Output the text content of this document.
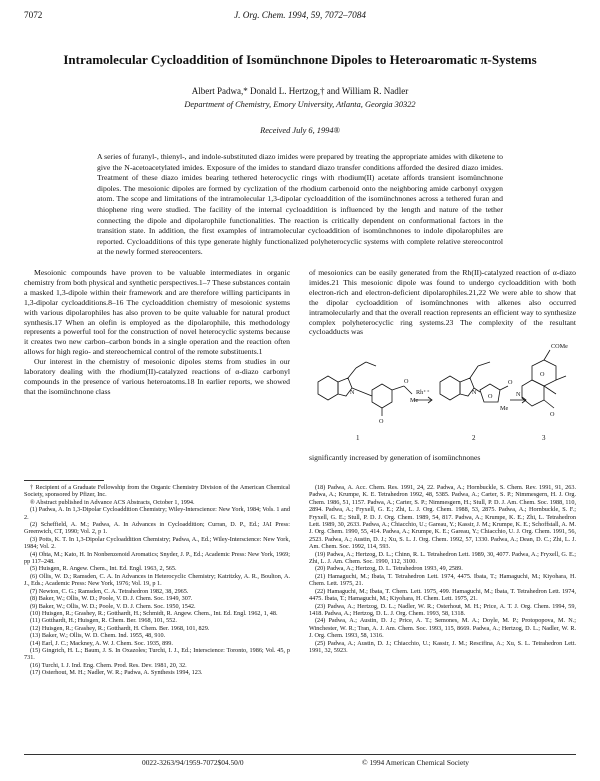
7072	J. Org. Chem. 1994, 59, 7072–7084
Intramolecular Cycloaddition of Isomünchnone Dipoles to Heteroaromatic π-Systems
Albert Padwa,* Donald L. Hertzog,† and William R. Nadler
Department of Chemistry, Emory University, Atlanta, Georgia 30322
Received July 6, 1994®
A series of furanyl-, thienyl-, and indole-substituted diazo imides were prepared by treating the appropriate amides with diketene to give the N-acetoacetylated imides. Exposure of the imides to standard diazo transfer conditions afforded the desired diazo imides. Treatment of these diazo imides bearing tethered heterocyclic rings with rhodium(II) acetate affords transient isomünchnone dipoles. The mesoionic dipoles are formed by cyclization of the rhodium carbenoid onto the neighboring amide carbonyl oxygen atom. The scope and limitations of the intramolecular 1,3-dipolar cycloaddition of the isomünchnones across a tethered furan and thiophene ring were studied. The facility of the internal cycloaddition is influenced by the length and nature of the tether connecting the dipole and dipolarophile functionalities. The reaction is critically dependent on conformational factors in the transition state. In addition, the first examples of intramolecular cycloaddition of isomünchnones to indole dipolarophiles are reported. Cycloadditions of this type generate highly functionalized polyheterocyclic systems with complete relative stereocontrol at the newly formed stereocenters.

Mesoionic compounds have proven to be valuable intermediates in organic chemistry from both physical and synthetic perspectives.1–7 These substances contain a masked 1,3-dipole within their framework and are therefore willing participants in 1,3-dipolar cycloadditions.8–16 The cycloaddition chemistry of mesoionic systems with various dipolarophiles has also proven to be quite valuable for natural product synthesis.17 When an olefin is employed as the dipolarophile, this methodology represents a powerful tool for the construction of novel heterocyclic systems because it creates two new carbon–carbon bonds in a single operation and the reaction often allows for high regio- and stereochemical control of the remote substituents.1

Our interest in the chemistry of mesoionic dipoles stems from studies in our laboratory dealing with the rhodium(II)-catalyzed reactions of α-diazo carbonyl compounds in the presence of various heteroatoms.18 In earlier reports, we showed that the isomünchnone class

of mesoionics can be easily generated from the Rh(II)-catalyzed reaction of α-diazo imides.21 This mesoionic dipole was found to undergo cycloaddition with both electron-rich and electron-deficient dipolarophiles.21,22 We were able to show that the dipolar cycloaddition of isomünchnones with alkenes also occurred intramolecularly and that the overall reaction represents an efficient way to synthesize complex polyheterocyclic ring systems.23 The complexity of the resultant cycloadducts was

significantly increased by generation of isomünchnones

N
O
O
Me
N
O
O
Me
N
O
O
COMe
Rh⁺⁺
1	2	3

† Recipient of a Graduate Fellowship from the Organic Chemistry Division of the American Chemical Society, sponsored by Pfizer, Inc.

® Abstract published in Advance ACS Abstracts, October 1, 1994.

(1) Padwa, A. In 1,3-Dipolar Cycloaddition Chemistry; Wiley-Interscience: New York, 1984; Vols. 1 and 2.

(2) Scheffield, A. M.; Padwa, A. In Advances in Cycloaddition; Curran, D. P., Ed.; JAI Press: Greenwich, CT, 1990; Vol. 2, p 1.

(3) Potts, K. T. In 1,3-Dipolar Cycloaddition Chemistry; Padwa, A., Ed.; Wiley-Interscience: New York, 1984; Vol. 2.

(4) Ohta, M.; Kato, H. In Nonbenzenoid Aromatics; Snyder, J. P., Ed.; Academic Press: New York, 1969; pp 117–248.

(5) Huisgen, R. Angew. Chem., Int. Ed. Engl. 1963, 2, 565.

(6) Ollis, W. D.; Ramsden, C. A. In Advances in Heterocyclic Chemistry; Katritzky, A. R., Boulton, A. J., Eds.; Academic Press: New York, 1976; Vol. 19, p 1.

(7) Newton, C. G.; Ramsden, C. A. Tetrahedron 1982, 38, 2965.

(8) Baker, W.; Ollis, W. D.; Poole, V. D. J. Chem. Soc. 1949, 307.

(9) Baker, W.; Ollis, W. D.; Poole, V. D. J. Chem. Soc. 1950, 1542.

(10) Huisgen, R.; Grashey, R.; Gotthardt, H.; Schmidt, R. Angew. Chem., Int. Ed. Engl. 1962, 1, 48.

(11) Gotthardt, H.; Huisgen, R. Chem. Ber. 1968, 101, 552.

(12) Huisgen, R.; Grashey, R.; Gotthardt, H. Chem. Ber. 1968, 101, 829.

(13) Baker, W.; Ollis, W. D. Chem. Ind. 1955, 48, 910.

(14) Earl, J. C.; Mackney, A. W. J. Chem. Soc. 1935, 899.

(15) Gingrich, H. L.; Baum, J. S. In Oxazoles; Turchi, I. J., Ed.; Interscience: Toronto, 1986; Vol. 45, p 731.

(16) Turchi, I. J. Ind. Eng. Chem. Prod. Res. Dev. 1981, 20, 32.

(17) Osterhout, M. H.; Nadler, W. R.; Padwa, A. Synthesis 1994, 123.

(18) Padwa, A. Acc. Chem. Res. 1991, 24, 22. Padwa, A.; Hornbuckle, S. Chem. Rev. 1991, 91, 263. Padwa, A.; Krumpe, K. E. Tetrahedron 1992, 48, 5385. Padwa, A.; Carter, S. P.; Nimmesgern, H. J. Org. Chem. 1986, 51, 1157. Padwa, A.; Carter, S. P.; Nimmesgern, H.; Stull, P. D. J. Am. Chem. Soc. 1988, 110, 2894. Padwa, A.; Fryxell, G. E.; Zhi, L. J. Org. Chem. 1988, 53, 2875. Padwa, A.; Hornbuckle, S. F.; Fryxell, G. E.; Stull, P. D. J. Org. Chem. 1989, 54, 817. Padwa, A.; Krumpe, K. E.; Zhi, L. Tetrahedron Lett. 1989, 30, 2633. Padwa, A.; Chiacchio, U.; Gareau, Y.; Kassir, J. M.; Krumpe, K. E.; Schoffstall, A. M. J. Org. Chem. 1990, 55, 414. Padwa, A.; Krumpe, K. E.; Gareau, Y.; Chiacchio, U. J. Org. Chem. 1991, 56, 2523. Padwa, A.; Austin, D. J.; Xu, S. L. J. Org. Chem. 1992, 57, 1330. Padwa, A.; Dean, D. C.; Zhi, L. J. Am. Chem. Soc. 1992, 114, 593.

(19) Padwa, A.; Hertzog, D. L.; Chinn, R. L. Tetrahedron Lett. 1989, 30, 4077. Padwa, A.; Fryxell, G. E.; Zhi, L. J. Am. Chem. Soc. 1990, 112, 3100.

(20) Padwa, A.; Hertzog, D. L. Tetrahedron 1993, 49, 2589.

(21) Hamaguchi, M.; Ibata, T. Tetrahedron Lett. 1974, 4475. Ibata, T.; Hamaguchi, M.; Kiyohara, H. Chem. Lett. 1975, 21.

(22) Hamaguchi, M.; Ibata, T. Chem. Lett. 1975, 499. Hamaguchi, M.; Ibata, T. Tetrahedron Lett. 1974, 4475. Ibata, T.; Hamaguchi, M.; Kiyohara, H. Chem. Lett. 1975, 21.

(23) Padwa, A.; Hertzog, D. L.; Nadler, W. R.; Osterhout, M. H.; Price, A. T. J. Org. Chem. 1994, 59, 1418. Padwa, A.; Hertzog, D. L. J. Org. Chem. 1993, 58, 1318.

(24) Padwa, A.; Austin, D. J.; Price, A. T.; Semones, M. A.; Doyle, M. P.; Protopopova, M. N.; Winchester, W. R.; Tran, A. J. Am. Chem. Soc. 1993, 115, 8669. Padwa, A.; Hertzog, D. L.; Nadler, W. R. J. Org. Chem. 1993, 58, 1316.

(25) Padwa, A.; Austin, D. J.; Chiacchio, U.; Kassir, J. M.; Rescifina, A.; Xu, S. L. Tetrahedron Lett. 1991, 32, 5923.

0022-3263/94/1959-7072$04.50/0	© 1994 American Chemical Society
